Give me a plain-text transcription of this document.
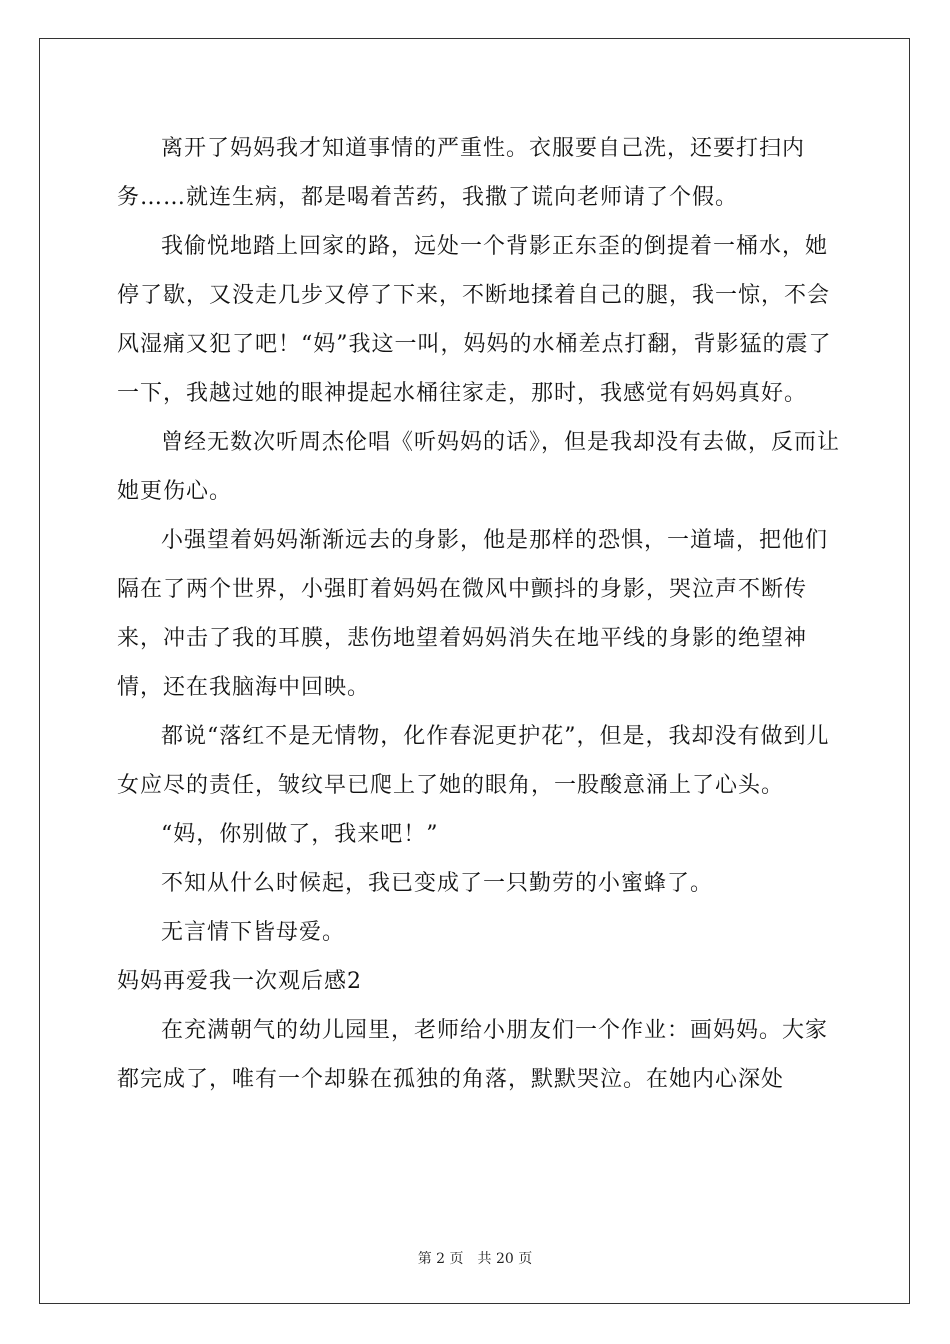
离开了妈妈我才知道事情的严重性。衣服要自己洗，还要打扫内务……就连生病，都是喝着苦药，我撒了谎向老师请了个假。

我偷悦地踏上回家的路，远处一个背影正东歪的倒提着一桶水，她停了歇，又没走几步又停了下来，不断地揉着自己的腿，我一惊，不会风湿痛又犯了吧！“妈”我这一叫，妈妈的水桶差点打翻，背影猛的震了一下，我越过她的眼神提起水桶往家走，那时，我感觉有妈妈真好。

曾经无数次听周杰伦唱《听妈妈的话》，但是我却没有去做，反而让她更伤心。

小强望着妈妈渐渐远去的身影，他是那样的恐惧，一道墙，把他们隔在了两个世界，小强盯着妈妈在微风中颤抖的身影，哭泣声不断传来，冲击了我的耳膜，悲伤地望着妈妈消失在地平线的身影的绝望神情，还在我脑海中回映。

都说“落红不是无情物，化作春泥更护花”，但是，我却没有做到儿女应尽的责任，皱纹早已爬上了她的眼角，一股酸意涌上了心头。

“妈，你别做了，我来吧！”

不知从什么时候起，我已变成了一只勤劳的小蜜蜂了。

无言情下皆母爱。

妈妈再爱我一次观后感2

在充满朝气的幼儿园里，老师给小朋友们一个作业：画妈妈。大家都完成了，唯有一个却躲在孤独的角落，默默哭泣。在她内心深处

第 2 页　共 20 页
